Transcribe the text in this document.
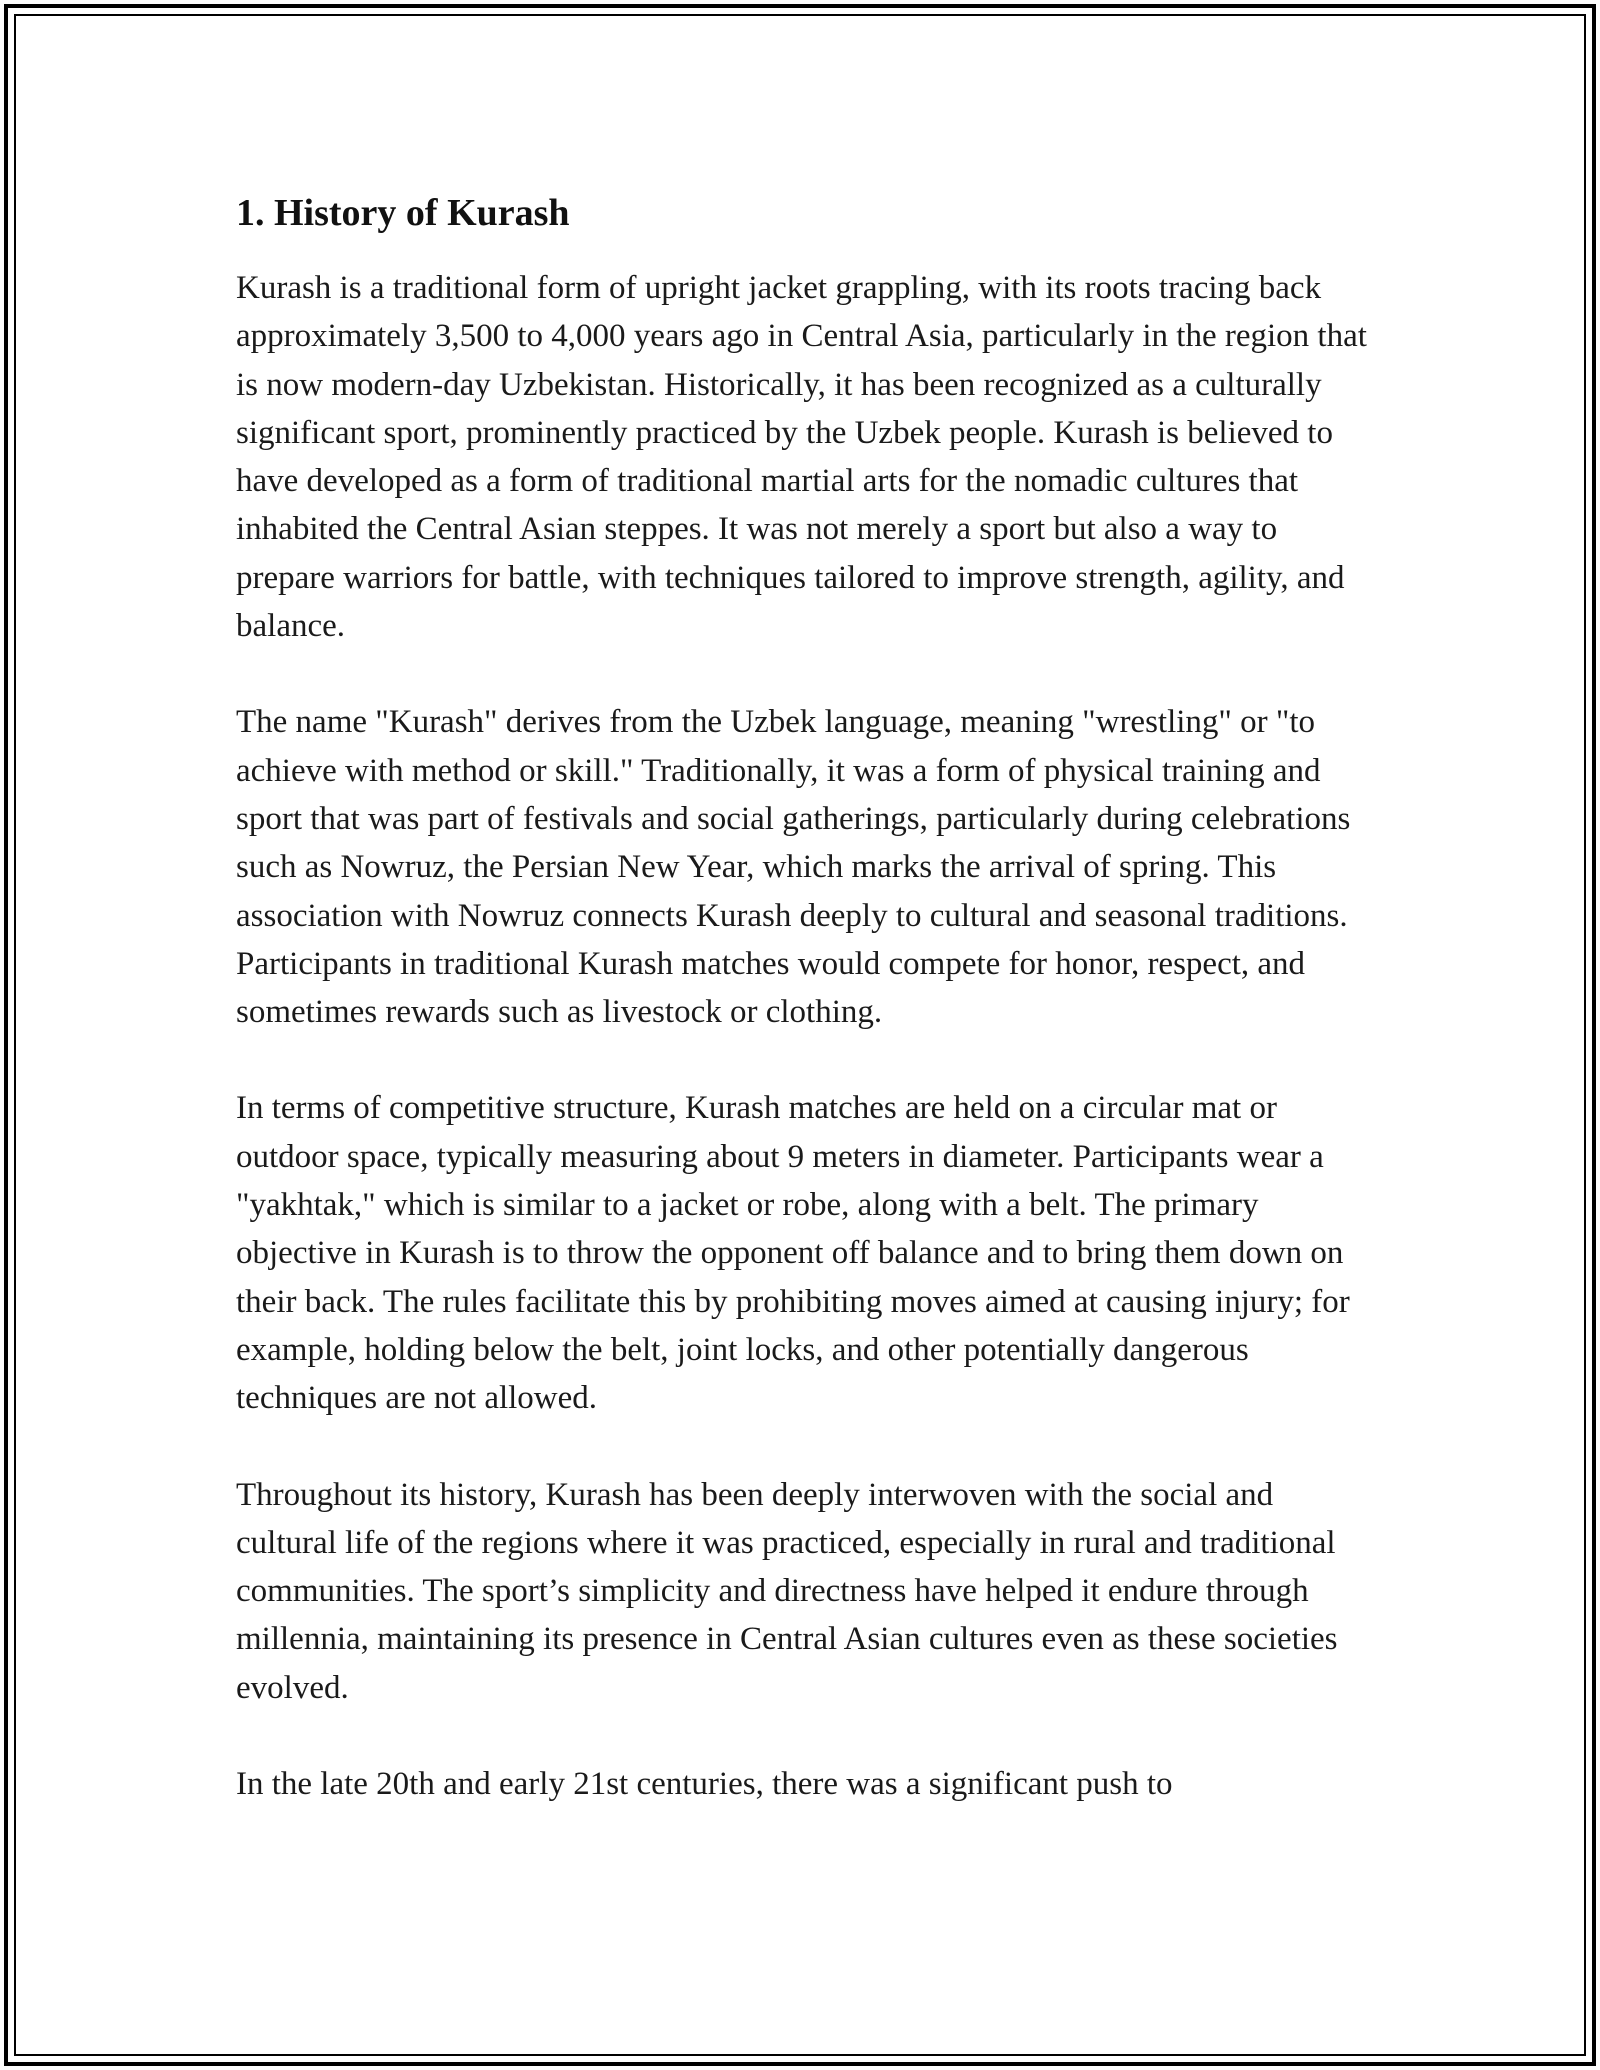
1. History of Kurash

Kurash is a traditional form of upright jacket grappling, with its roots tracing back approximately 3,500 to 4,000 years ago in Central Asia, particularly in the region that is now modern-day Uzbekistan. Historically, it has been recognized as a culturally significant sport, prominently practiced by the Uzbek people. Kurash is believed to have developed as a form of traditional martial arts for the nomadic cultures that inhabited the Central Asian steppes. It was not merely a sport but also a way to prepare warriors for battle, with techniques tailored to improve strength, agility, and balance.

The name "Kurash" derives from the Uzbek language, meaning "wrestling" or "to achieve with method or skill." Traditionally, it was a form of physical training and sport that was part of festivals and social gatherings, particularly during celebrations such as Nowruz, the Persian New Year, which marks the arrival of spring. This association with Nowruz connects Kurash deeply to cultural and seasonal traditions. Participants in traditional Kurash matches would compete for honor, respect, and sometimes rewards such as livestock or clothing.

In terms of competitive structure, Kurash matches are held on a circular mat or outdoor space, typically measuring about 9 meters in diameter. Participants wear a "yakhtak," which is similar to a jacket or robe, along with a belt. The primary objective in Kurash is to throw the opponent off balance and to bring them down on their back. The rules facilitate this by prohibiting moves aimed at causing injury; for example, holding below the belt, joint locks, and other potentially dangerous techniques are not allowed.

Throughout its history, Kurash has been deeply interwoven with the social and cultural life of the regions where it was practiced, especially in rural and traditional communities. The sport’s simplicity and directness have helped it endure through millennia, maintaining its presence in Central Asian cultures even as these societies evolved.

In the late 20th and early 21st centuries, there was a significant push to
